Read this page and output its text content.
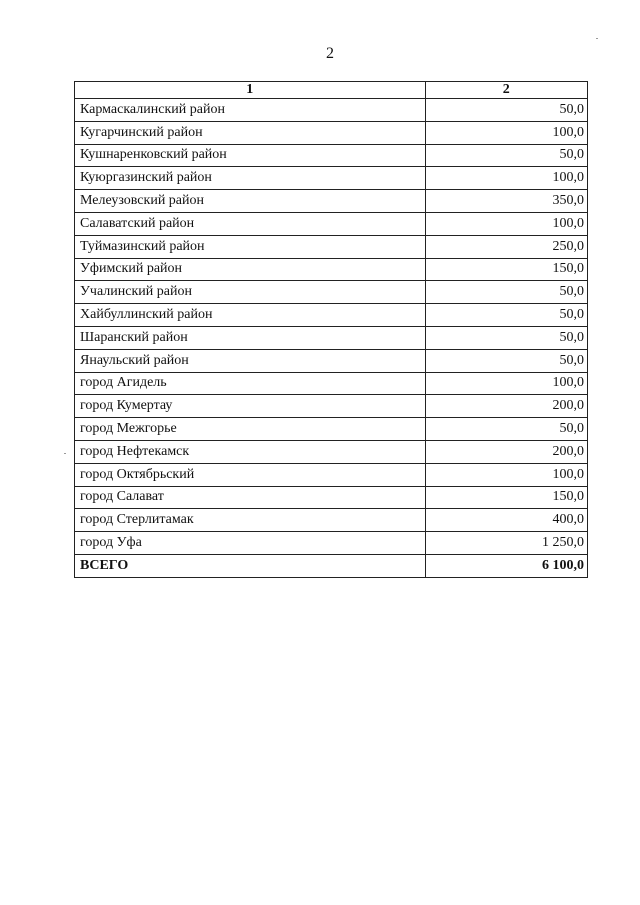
2
1	2
Кармаскалинский район	50,0
Кугарчинский район	100,0
Кушнаренковский район	50,0
Куюргазинский район	100,0
Мелеузовский район	350,0
Салаватский район	100,0
Туймазинский район	250,0
Уфимский район	150,0
Учалинский район	50,0
Хайбуллинский район	50,0
Шаранский район	50,0
Янаульский район	50,0
город Агидель	100,0
город Кумертау	200,0
город Межгорье	50,0
город Нефтекамск	200,0
город Октябрьский	100,0
город Салават	150,0
город Стерлитамак	400,0
город Уфа	1 250,0
ВСЕГО	6 100,0
